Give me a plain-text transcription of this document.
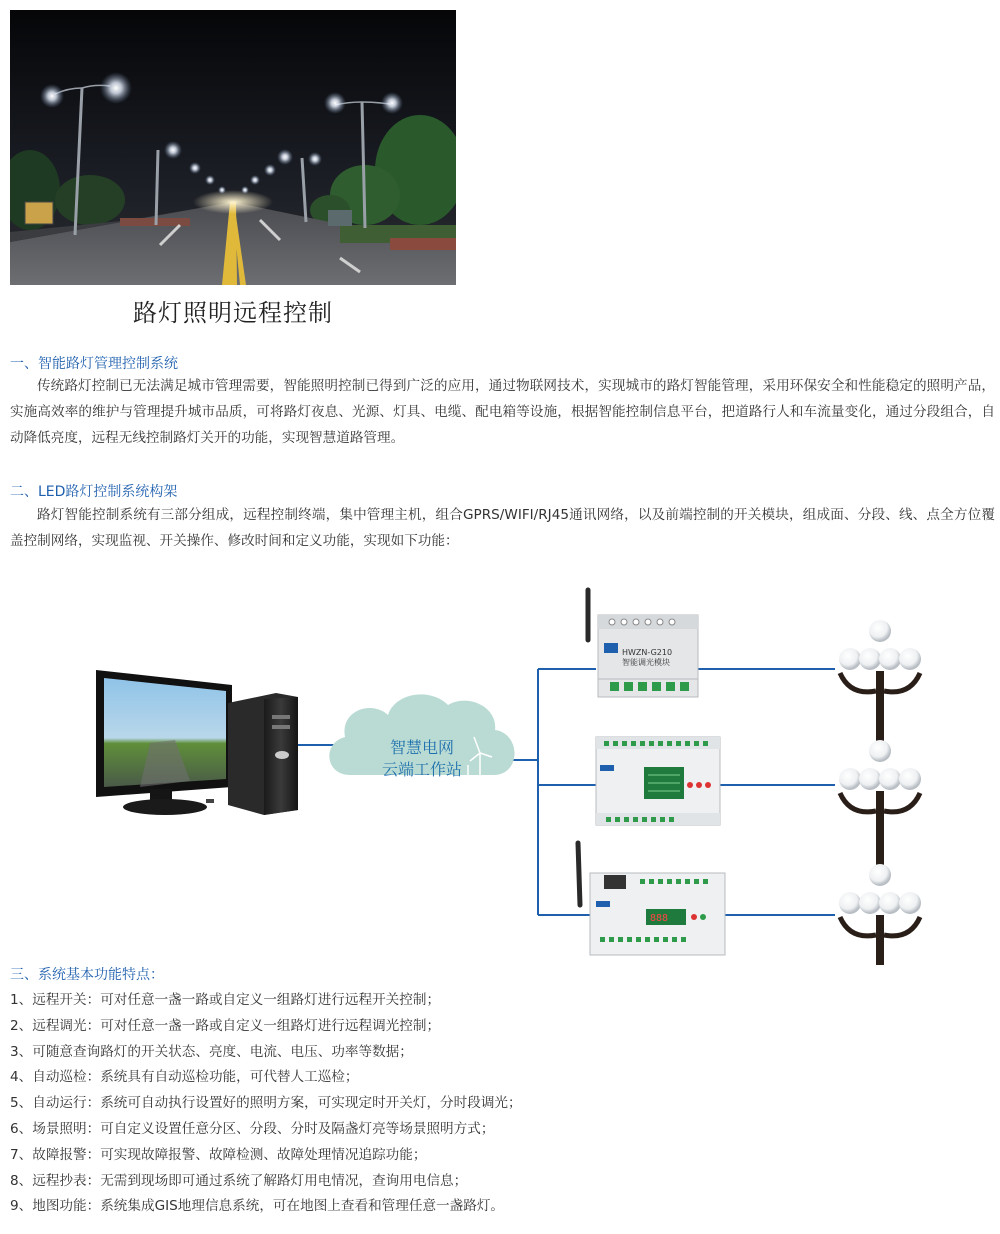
路灯照明远程控制
一、智能路灯管理控制系统

传统路灯控制已无法满足城市管理需要，智能照明控制已得到广泛的应用，通过物联网技术，实现城市的路灯智能管理，采用环保安全和性能稳定的照明产品，实施高效率的维护与管理提升城市品质，可将路灯夜息、光源、灯具、电缆、配电箱等设施，根据智能控制信息平台，把道路行人和车流量变化，通过分段组合，自动降低亮度，远程无线控制路灯关开的功能，实现智慧道路管理。

二、LED路灯控制系统构架

路灯智能控制系统有三部分组成，远程控制终端，集中管理主机，组合GPRS/WIFI/RJ45通讯网络，以及前端控制的开关模块，组成面、分段、线、点全方位覆盖控制网络，实现监视、开关操作、修改时间和定义功能，实现如下功能：

智慧电网
云端工作站
HWZN-G210
智能调光模块
888
三、系统基本功能特点：
1、远程开关：可对任意一盏一路或自定义一组路灯进行远程开关控制；
2、远程调光：可对任意一盏一路或自定义一组路灯进行远程调光控制；
3、可随意查询路灯的开关状态、亮度、电流、电压、功率等数据；
4、自动巡检：系统具有自动巡检功能，可代替人工巡检；
5、自动运行：系统可自动执行设置好的照明方案，可实现定时开关灯，分时段调光；
6、场景照明：可自定义设置任意分区、分段、分时及隔盏灯亮等场景照明方式；
7、故障报警：可实现故障报警、故障检测、故障处理情况追踪功能；
8、远程抄表：无需到现场即可通过系统了解路灯用电情况，查询用电信息；
9、地图功能：系统集成GIS地理信息系统，可在地图上查看和管理任意一盏路灯。
